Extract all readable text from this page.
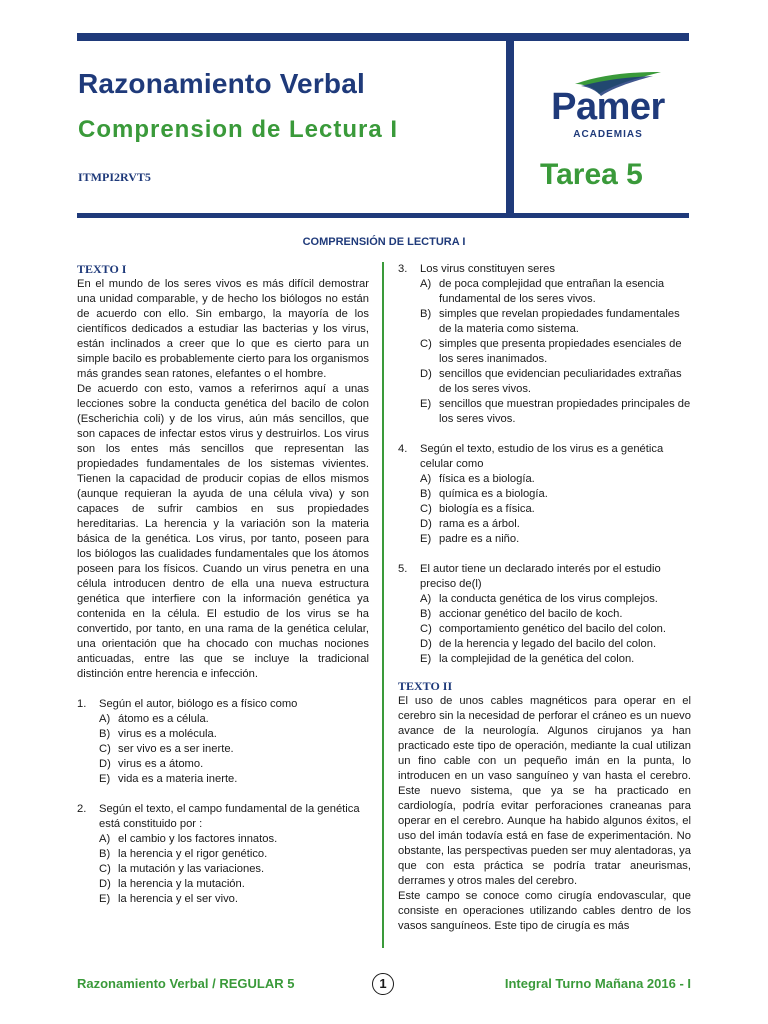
Razonamiento Verbal
Comprension de Lectura I
ITMPI2RVT5
Pamer
ACADEMIAS
Tarea 5
COMPRENSIÓN DE LECTURA I
TEXTO I

En el mundo de los seres vivos es más difícil demostrar una unidad comparable, y de hecho los biólogos no están de acuerdo con ello. Sin embargo, la mayoría de los científicos dedicados a estudiar las bacterias y los virus, están inclinados a creer que lo que es cierto para un simple bacilo es probablemente cierto para los organismos más grandes sean ratones, elefantes o el hombre.

De acuerdo con esto, vamos a referirnos aquí a unas lecciones sobre la conducta genética del bacilo de colon (Escherichia coli) y de los virus, aún más sencillos, que son capaces de infectar estos virus y destruirlos. Los virus son los entes más sencillos que representan las propiedades fundamentales de los sistemas vivientes. Tienen la capacidad de producir copias de ellos mismos (aunque requieran la ayuda de una célula viva) y son capaces de sufrir cambios en sus propiedades hereditarias. La herencia y la variación son la materia básica de la genética. Los virus, por tanto, poseen para los biólogos las cualidades fundamentales que los átomos poseen para los físicos. Cuando un virus penetra en una célula introducen dentro de ella una nueva estructura genética que interfiere con la información genética ya contenida en la célula. El estudio de los virus se ha convertido, por tanto, en una rama de la genética celular, una orientación que ha chocado con muchas nociones anticuadas, entre las que se incluye la tradicional distinción entre herencia e infección.

1.	Según el autor, biólogo es a físico como
A) átomo es a célula.
B) virus es a molécula.
C) ser vivo es a ser inerte.
D) virus es a átomo.
E) vida es a materia inerte.
2.	Según el texto, el campo fundamental de la genética está constituido por :
A) el cambio y los factores innatos.
B) la herencia y el rigor genético.
C) la mutación y las variaciones.
D) la herencia y la mutación.
E) la herencia y el ser vivo.
3.	Los virus constituyen seres
A) de poca complejidad que entrañan la esencia fundamental de los seres vivos.
B) simples que revelan propiedades fundamentales de la materia como sistema.
C) simples que presenta propiedades esenciales de los seres inanimados.
D) sencillos que evidencian peculiaridades extrañas de los seres vivos.
E) sencillos que muestran propiedades principales de los seres vivos.
4.	Según el texto, estudio de los virus es a genética celular como
A) física es a biología.
B) química es a biología.
C) biología es a física.
D) rama es a árbol.
E) padre es a niño.
5.	El autor tiene un declarado interés por el estudio preciso de(l)
A) la conducta genética de los virus complejos.
B) accionar genético del bacilo de koch.
C) comportamiento genético del bacilo del colon.
D) de la herencia y legado del bacilo del colon.
E) la complejidad de la genética del colon.
TEXTO II

El uso de unos cables magnéticos para operar en el cerebro sin la necesidad de perforar el cráneo es un nuevo avance de la neurología. Algunos cirujanos ya han practicado este tipo de operación, mediante la cual utilizan un fino cable con un pequeño imán en la punta, lo introducen en un vaso sanguíneo y van hasta el cerebro. Este nuevo sistema, que ya se ha practicado en cardiología, podría evitar perforaciones craneanas para operar en el cerebro. Aunque ha habido algunos éxitos, el uso del imán todavía está en fase de experimentación. No obstante, las perspectivas pueden ser muy alentadoras, ya que con esta práctica se podría tratar aneurismas, derrames y otros males del cerebro.

Este campo se conoce como cirugía endovascular, que consiste en operaciones utilizando cables dentro de los vasos sanguíneos. Este tipo de cirugía es más

Razonamiento Verbal / REGULAR 5	1	Integral Turno Mañana 2016 - I
